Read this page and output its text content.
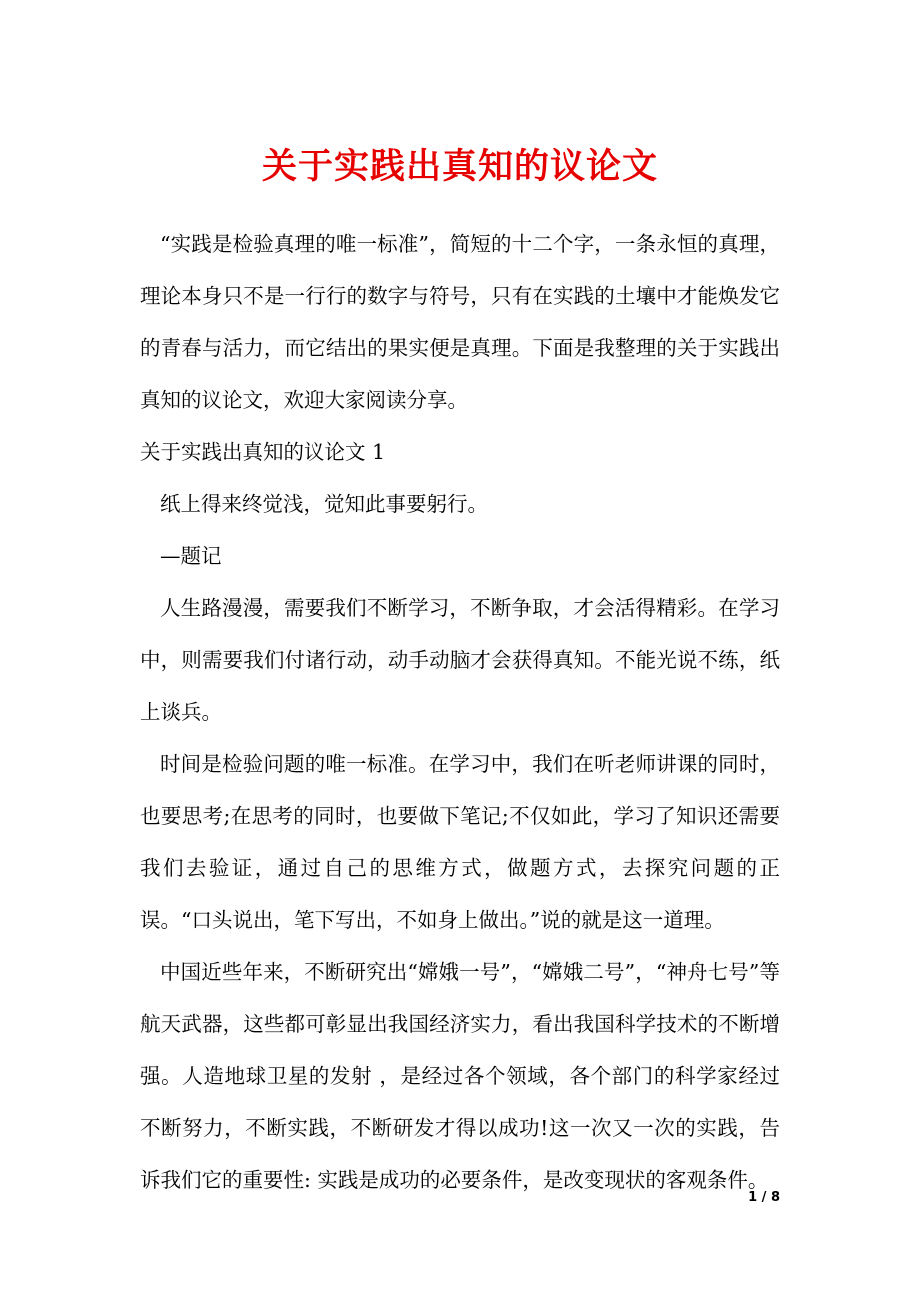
关于实践出真知的议论文

“实践是检验真理的唯一标准”，简短的十二个字，一条永恒的真理，理论本身只不是一行行的数字与符号，只有在实践的土壤中才能焕发它的青春与活力，而它结出的果实便是真理。下面是我整理的关于实践出真知的议论文，欢迎大家阅读分享。

关于实践出真知的议论文 1

纸上得来终觉浅，觉知此事要躬行。

—题记

人生路漫漫，需要我们不断学习，不断争取，才会活得精彩。在学习中，则需要我们付诸行动，动手动脑才会获得真知。不能光说不练，纸上谈兵。

时间是检验问题的唯一标准。在学习中，我们在听老师讲课的同时，也要思考;在思考的同时，也要做下笔记;不仅如此，学习了知识还需要我们去验证，通过自己的思维方式，做题方式，去探究问题的正误。“口头说出，笔下写出，不如身上做出。”说的就是这一道理。

中国近些年来，不断研究出“嫦娥一号”，“嫦娥二号”，“神舟七号”等航天武器，这些都可彰显出我国经济实力，看出我国科学技术的不断增强。人造地球卫星的发射 ，是经过各个领域，各个部门的科学家经过不断努力，不断实践，不断研发才得以成功!这一次又一次的实践，告诉我们它的重要性: 实践是成功的必要条件，是改变现状的客观条件。

1 / 8
